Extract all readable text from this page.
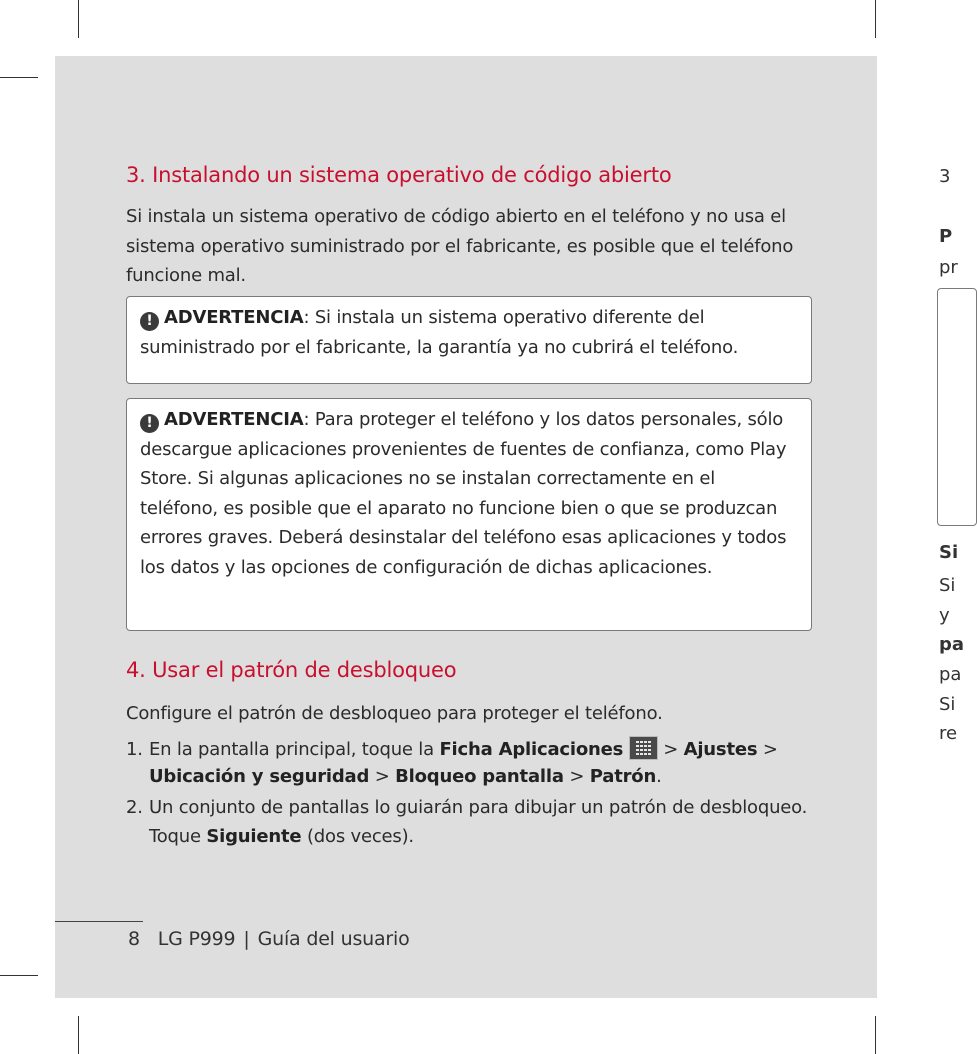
3. Instalando un sistema operativo de código abierto

Si instala un sistema operativo de código abierto en el teléfono y no usa el sistema operativo suministrado por el fabricante, es posible que el teléfono funcione mal.

! ADVERTENCIA: Si instala un sistema operativo diferente del suministrado por el fabricante, la garantía ya no cubrirá el teléfono.
! ADVERTENCIA: Para proteger el teléfono y los datos personales, sólo descargue aplicaciones provenientes de fuentes de confianza, como Play Store. Si algunas aplicaciones no se instalan correctamente en el teléfono, es posible que el aparato no funcione bien o que se produzcan errores graves. Deberá desinstalar del teléfono esas aplicaciones y todos los datos y las opciones de configuración de dichas aplicaciones.
4. Usar el patrón de desbloqueo

Configure el patrón de desbloqueo para proteger el teléfono.

1. En la pantalla principal, toque la Ficha Aplicaciones
> Ajustes > Ubicación y seguridad > Bloqueo pantalla > Patrón.
2. Un conjunto de pantallas lo guiarán para dibujar un patrón de desbloqueo. Toque Siguiente (dos veces).
8 LG P999 | Guía del usuario
3
P
pr
Si
Si
y
pa
pa
Si
re
